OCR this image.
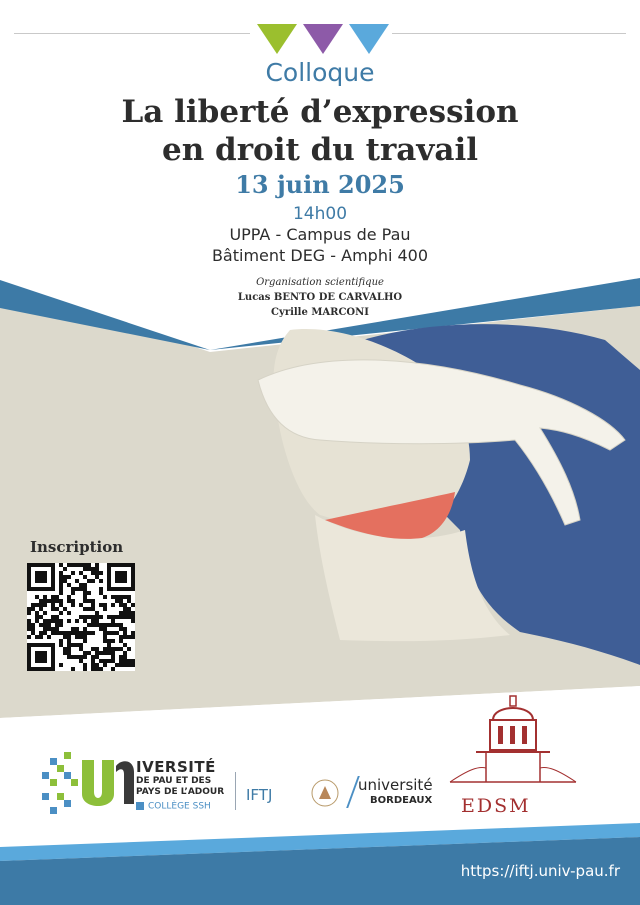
Colloque
La liberté d’expression
en droit du travail
13 juin 2025
14h00
UPPA - Campus de Pau
Bâtiment DEG - Amphi 400
Organisation scientifique
Lucas BENTO DE CARVALHO
Cyrille MARCONI
Inscription
IVERSITÉ
DE PAU ET DES
PAYS DE L’ADOUR
COLLÈGE SSH
IFTJ
université
BORDEAUX EDSM
https://iftj.univ-pau.fr
